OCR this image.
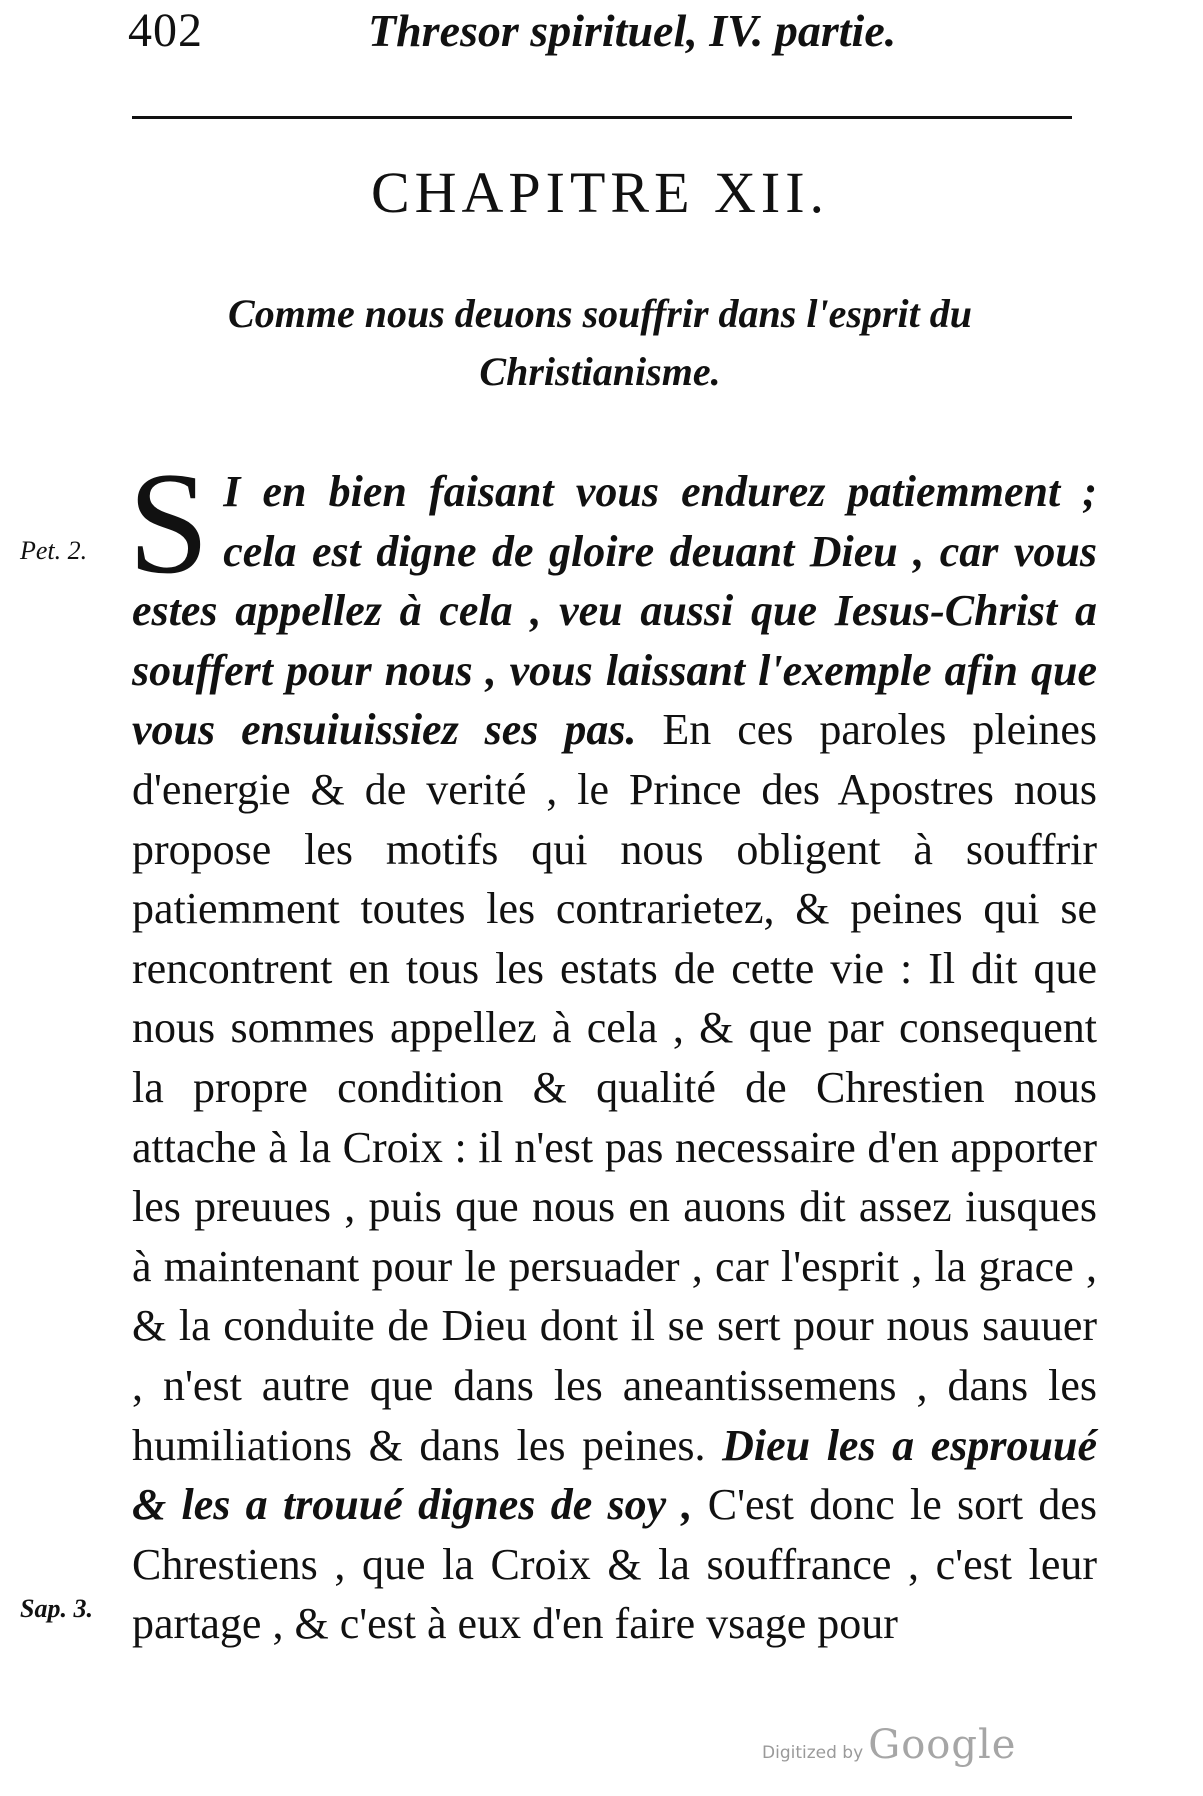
402	Thresor spirituel, IV. partie.
CHAPITRE XII.
Comme nous deuons souffrir dans l'esprit du
Christianisme.
Pet. 2.
Sap. 3.
S I en bien faisant vous endurez patiemment ; cela est digne de gloire deuant Dieu , car vous estes appellez à cela , veu aussi que Iesus-Christ a souffert pour nous , vous laissant l'exemple afin que vous ensuiuissiez ses pas. En ces paroles pleines d'energie & de verité , le Prince des Apostres nous propose les motifs qui nous obligent à souffrir patiemment toutes les contrarietez, & peines qui se rencontrent en tous les estats de cette vie : Il dit que nous sommes appellez à cela , & que par consequent la propre condition & qualité de Chrestien nous attache à la Croix : il n'est pas necessaire d'en apporter les preuues , puis que nous en auons dit assez iusques à maintenant pour le persuader , car l'esprit , la grace , & la conduite de Dieu dont il se sert pour nous sauuer , n'est autre que dans les aneantissemens , dans les humiliations & dans les peines. Dieu les a esprouué & les a trouué dignes de soy , C'est donc le sort des Chrestiens , que la Croix & la souffrance , c'est leur partage , & c'est à eux d'en faire vsage pour
Digitized by Google
